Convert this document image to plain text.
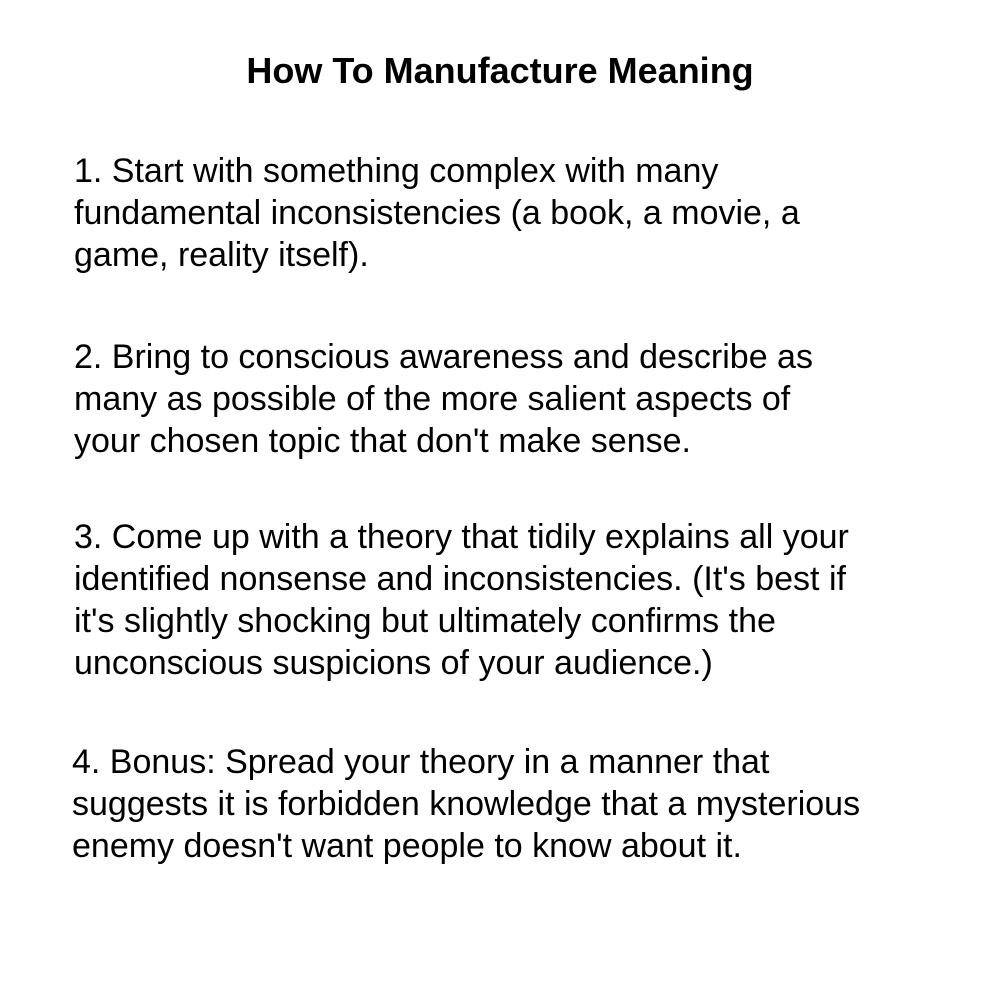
How To Manufacture Meaning

1. Start with something complex with many
fundamental inconsistencies (a book, a movie, a
game, reality itself).

2. Bring to conscious awareness and describe as
many as possible of the more salient aspects of
your chosen topic that don't make sense.

3. Come up with a theory that tidily explains all your
identified nonsense and inconsistencies. (It's best if
it's slightly shocking but ultimately confirms the
unconscious suspicions of your audience.)

4. Bonus: Spread your theory in a manner that
suggests it is forbidden knowledge that a mysterious
enemy doesn't want people to know about it.
